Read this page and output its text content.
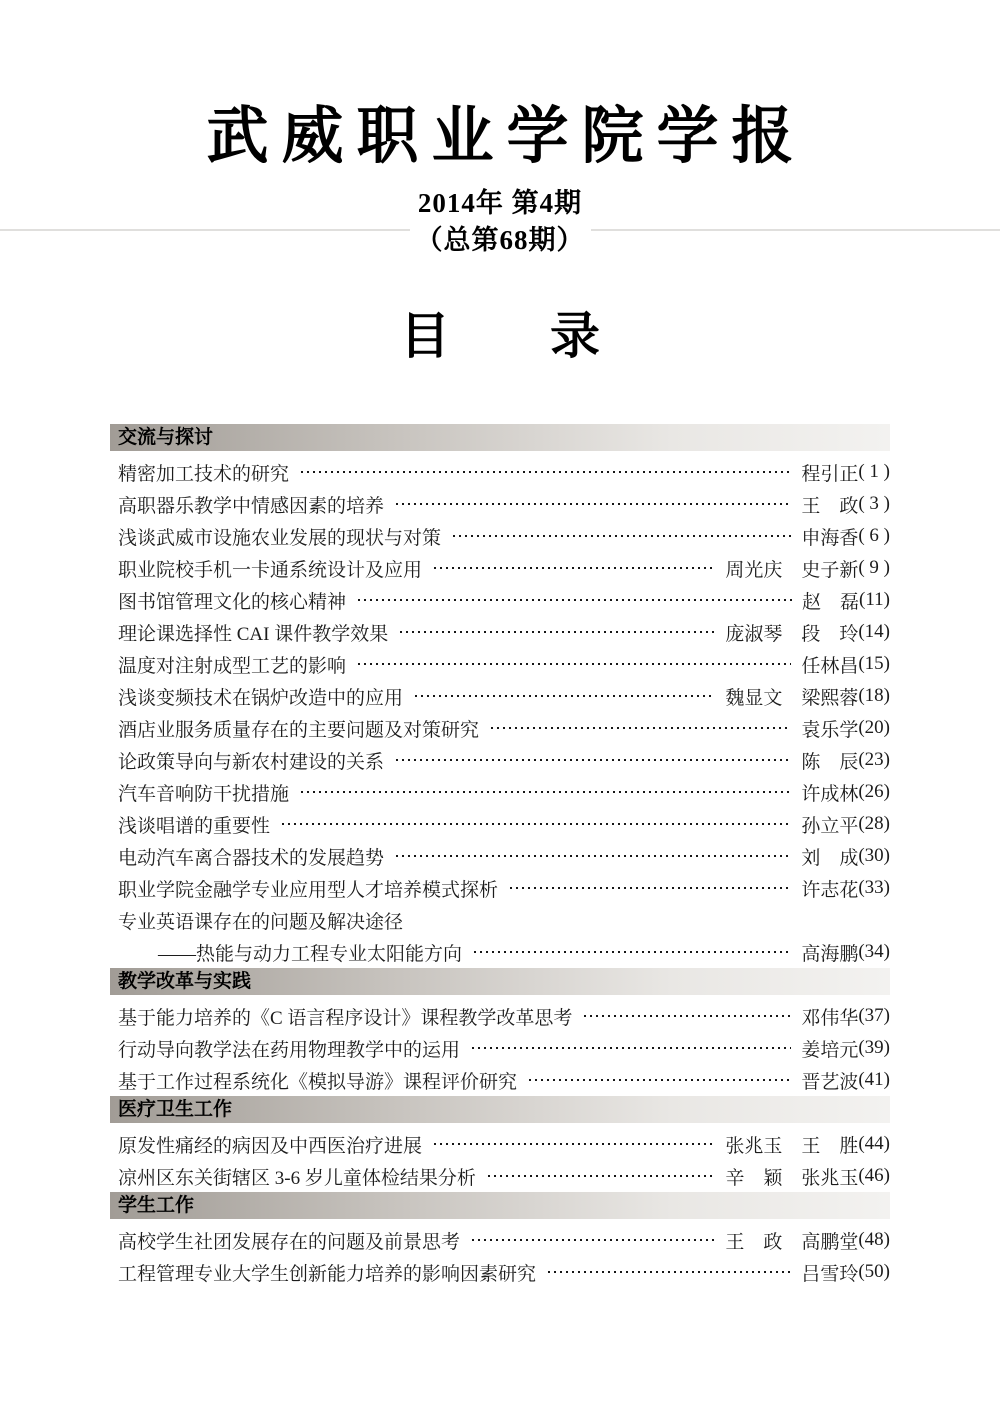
武威职业学院学报
2014年 第4期
（总第68期）
目　　录
交流与探讨
精密加工技术的研究	程引正 ( 1 )
高职器乐教学中情感因素的培养	王　政 ( 3 )
浅谈武威市设施农业发展的现状与对策	申海香 ( 6 )
职业院校手机一卡通系统设计及应用	周光庆　史子新 ( 9 )
图书馆管理文化的核心精神	赵　磊 (11)
理论课选择性 CAI 课件教学效果	庞淑琴　段　玲 (14)
温度对注射成型工艺的影响	任林昌 (15)
浅谈变频技术在锅炉改造中的应用	魏显文　梁熙蓉 (18)
酒店业服务质量存在的主要问题及对策研究	袁乐学 (20)
论政策导向与新农村建设的关系	陈　辰 (23)
汽车音响防干扰措施	许成林 (26)
浅谈唱谱的重要性	孙立平 (28)
电动汽车离合器技术的发展趋势	刘　成 (30)
职业学院金融学专业应用型人才培养模式探析	许志花 (33)
专业英语课存在的问题及解决途径
——热能与动力工程专业太阳能方向	高海鹏 (34)
教学改革与实践
基于能力培养的《C 语言程序设计》课程教学改革思考	邓伟华 (37)
行动导向教学法在药用物理教学中的运用	姜培元 (39)
基于工作过程系统化《模拟导游》课程评价研究	晋艺波 (41)
医疗卫生工作
原发性痛经的病因及中西医治疗进展	张兆玉　王　胜 (44)
凉州区东关街辖区 3-6 岁儿童体检结果分析	辛　颖　张兆玉 (46)
学生工作
高校学生社团发展存在的问题及前景思考	王　政　高鹏堂 (48)
工程管理专业大学生创新能力培养的影响因素研究	吕雪玲 (50)
